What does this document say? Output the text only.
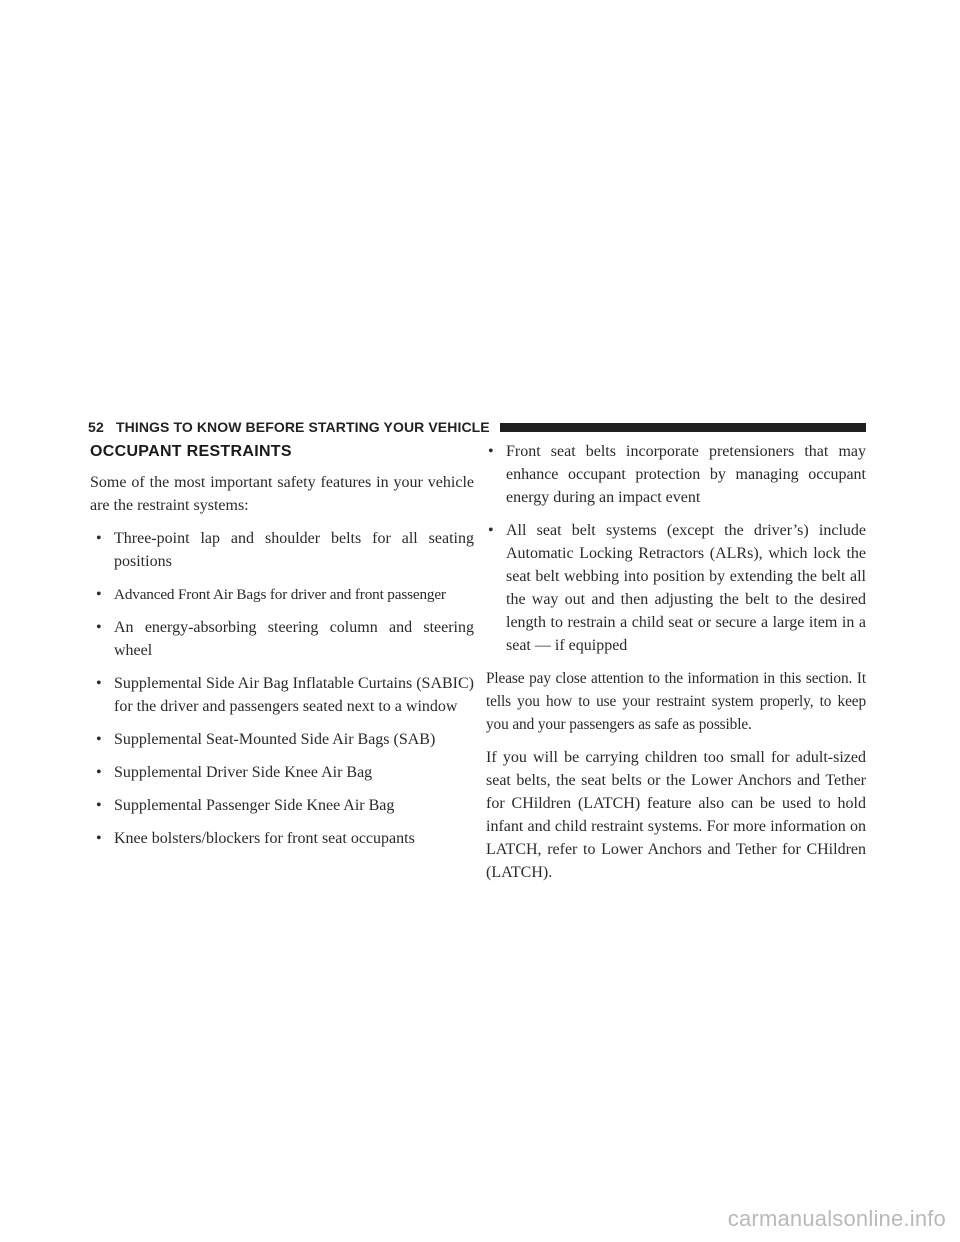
52 THINGS TO KNOW BEFORE STARTING YOUR VEHICLE
OCCUPANT RESTRAINTS

Some of the most important safety features in your vehicle are the restraint systems:

• Three-point lap and shoulder belts for all seating positions
• Advanced Front Air Bags for driver and front passenger
• An energy-absorbing steering column and steering wheel
• Supplemental Side Air Bag Inflatable Curtains (SABIC) for the driver and passengers seated next to a window
• Supplemental Seat-Mounted Side Air Bags (SAB)
• Supplemental Driver Side Knee Air Bag
• Supplemental Passenger Side Knee Air Bag
• Knee bolsters/blockers for front seat occupants
• Front seat belts incorporate pretensioners that may enhance occupant protection by managing occupant energy during an impact event
• All seat belt systems (except the driver’s) include Automatic Locking Retractors (ALRs), which lock the seat belt webbing into position by extending the belt all the way out and then adjusting the belt to the desired length to restrain a child seat or secure a large item in a seat — if equipped

Please pay close attention to the information in this section. It tells you how to use your restraint system properly, to keep you and your passengers as safe as possible.

If you will be carrying children too small for adult-sized seat belts, the seat belts or the Lower Anchors and Tether for CHildren (LATCH) feature also can be used to hold infant and child restraint systems. For more information on LATCH, refer to Lower Anchors and Tether for CHildren (LATCH).

carmanualsonline.info
